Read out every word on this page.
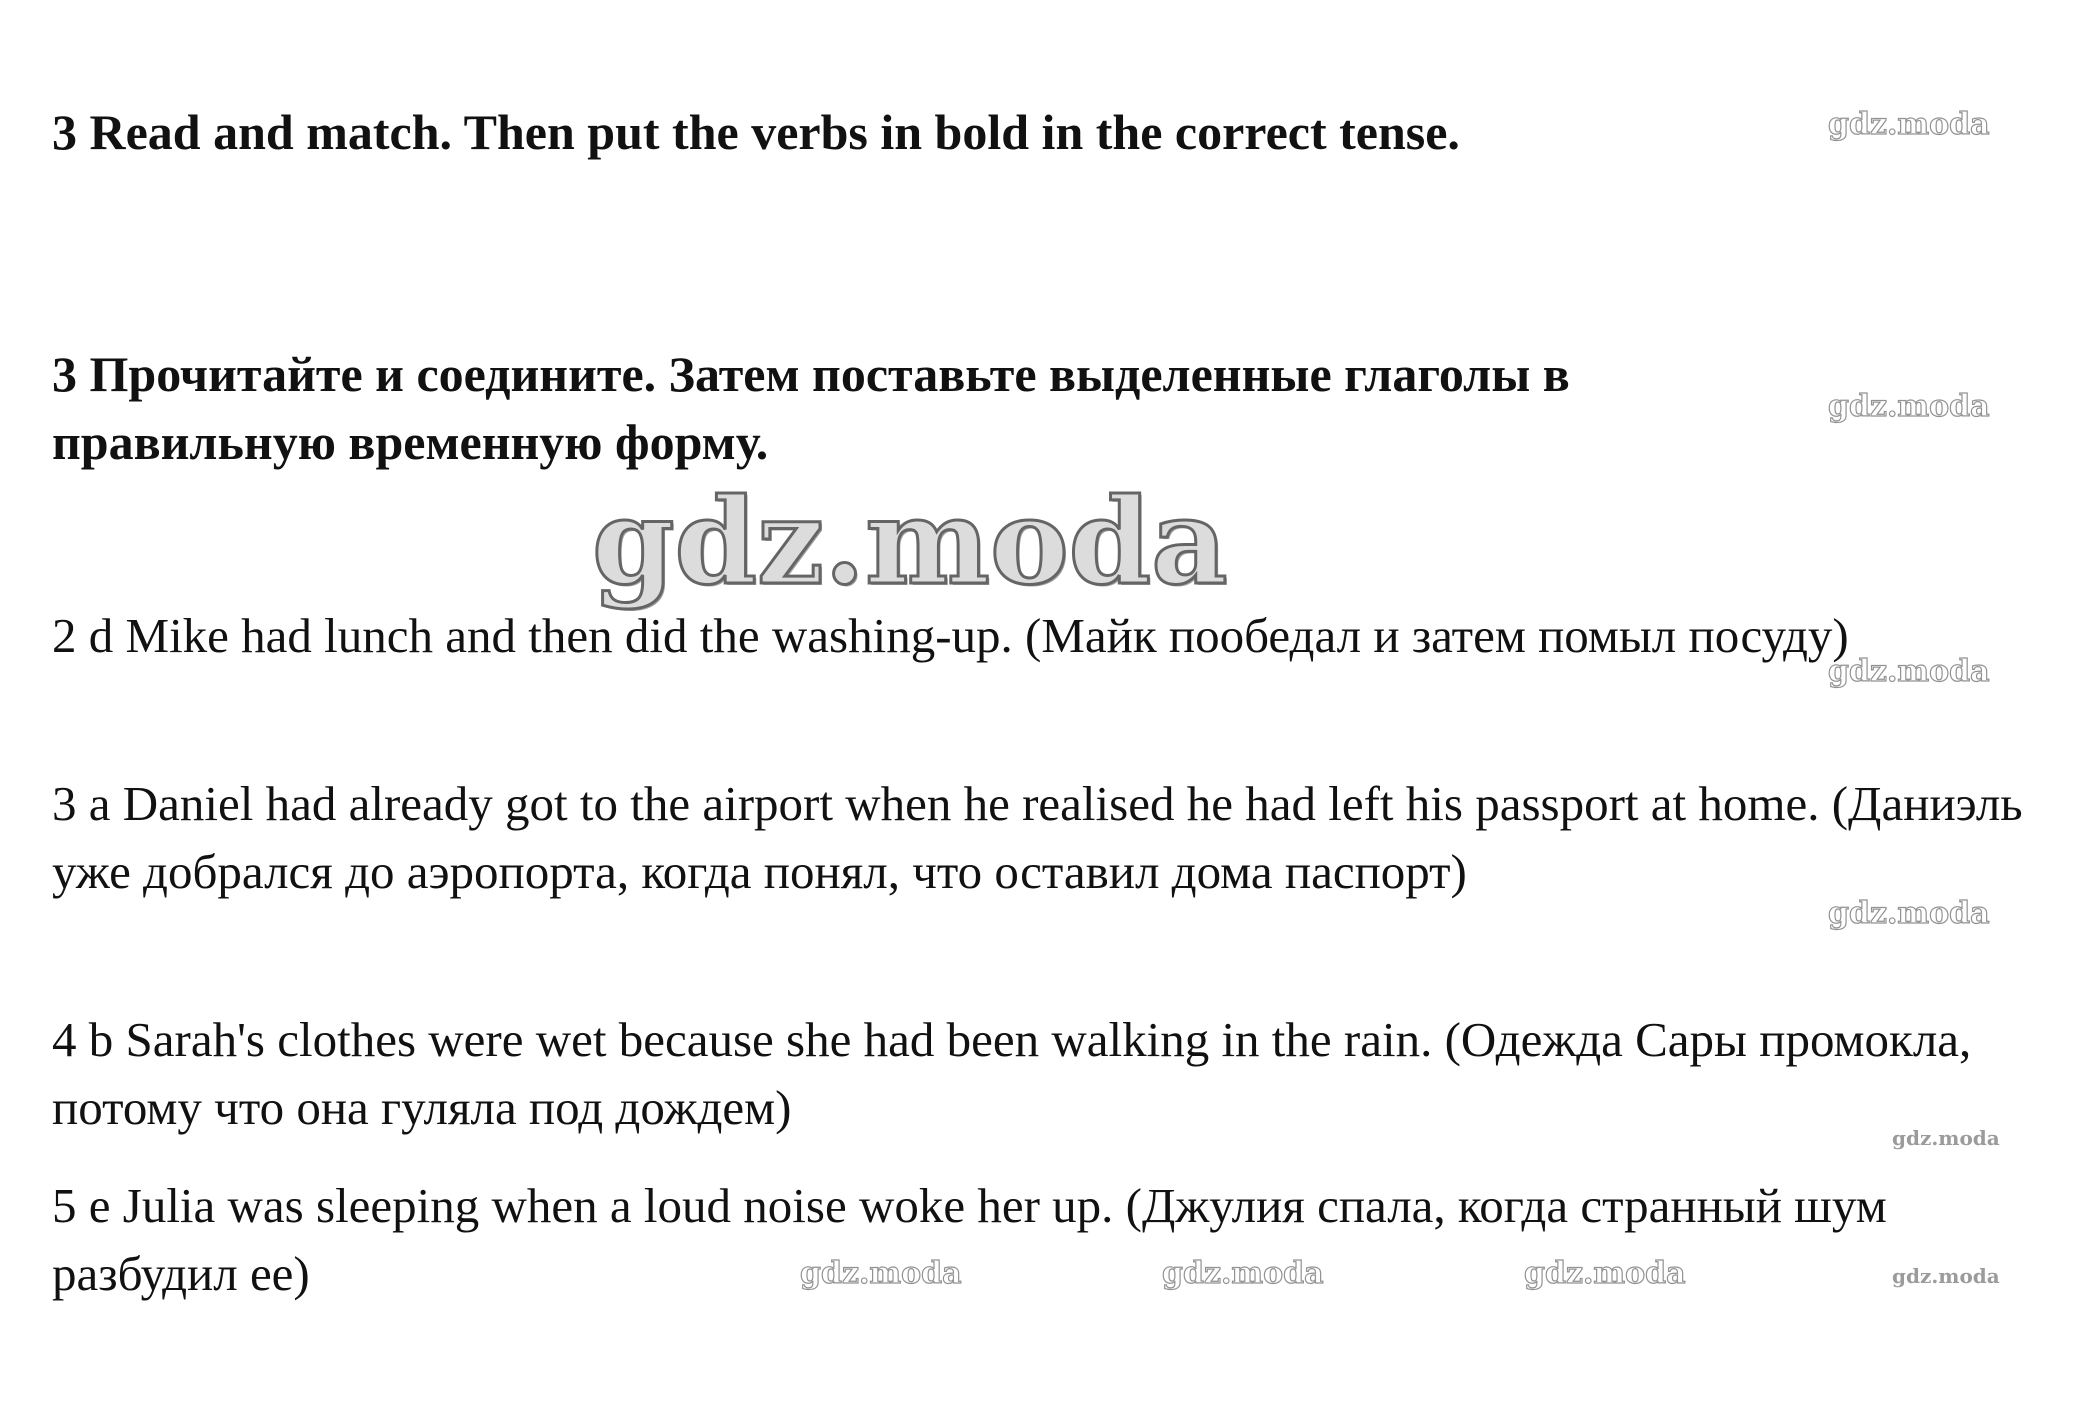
3 Read and match. Then put the verbs in bold in the correct tense.
3 Прочитайте и соедините. Затем поставьте выделенные глаголы в правильную временную форму.

2 d Mike had lunch and then did the washing-up. (Майк пообедал и затем помыл посуду)

3 a Daniel had already got to the airport when he realised he had left his passport at home. (Даниэль уже добрался до аэропорта, когда понял, что оставил дома паспорт)

4 b Sarah's clothes were wet because she had been walking in the rain. (Одежда Сары промокла, потому что она гуляла под дождем)

5 e Julia was sleeping when a loud noise woke her up. (Джулия спала, когда странный шум разбудил ее)

gdz.moda
gdz.moda
gdz.moda
gdz.moda
gdz.moda
gdz.moda
gdz.moda	gdz.moda	gdz.moda	gdz.moda
